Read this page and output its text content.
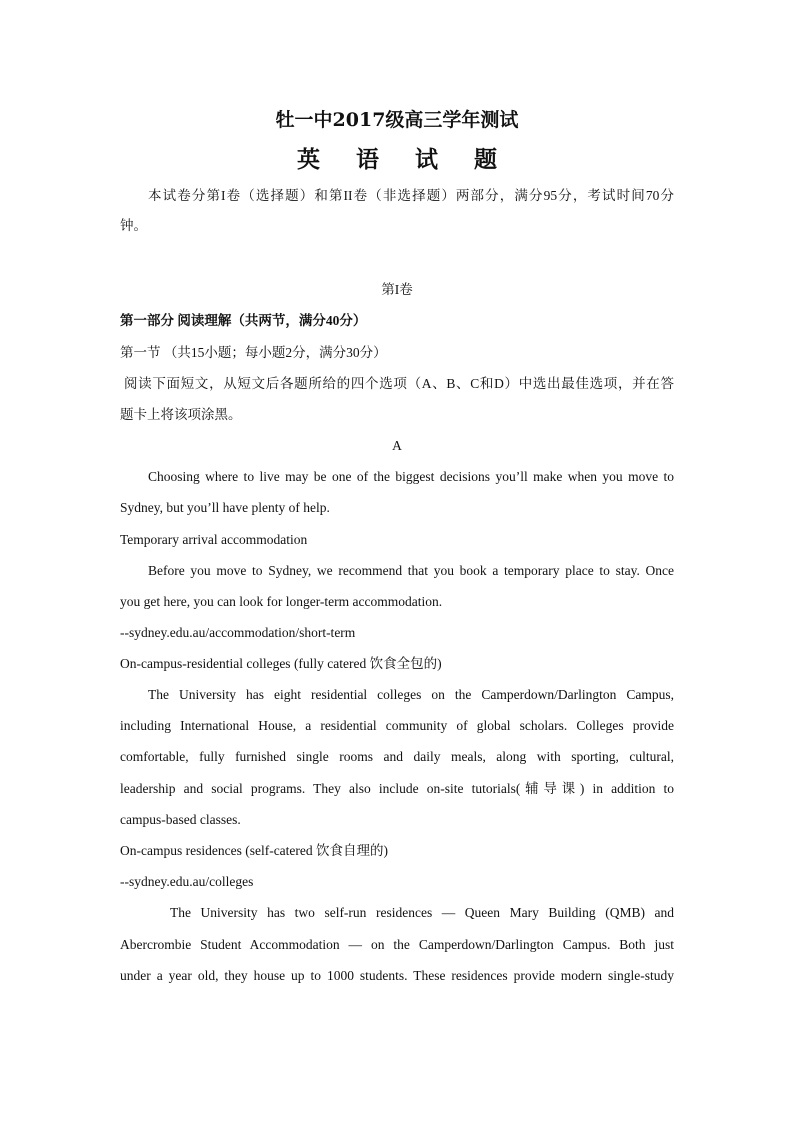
牡一中2017级高三学年测试
英 语 试 题
本试卷分第I卷（选择题）和第II卷（非选择题）两部分，满分95分，考试时间70分
钟。
第I卷
第一部分 阅读理解（共两节，满分40分）
第一节 （共15小题；每小题2分，满分30分）
阅读下面短文，从短文后各题所给的四个选项（A、B、C和D）中选出最佳选项，并在答
题卡上将该项涂黑。
A
Choosing where to live may be one of the biggest decisions you’ll make when you move to
Sydney, but you’ll have plenty of help.
Temporary arrival accommodation
Before you move to Sydney, we recommend that you book a temporary place to stay. Once
you get here, you can look for longer-term accommodation.
--sydney.edu.au/accommodation/short-term
On-campus-residential colleges (fully catered 饮食全包的)
The University has eight residential colleges on the Camperdown/Darlington Campus,
including International House, a residential community of global scholars. Colleges provide
comfortable, fully furnished single rooms and daily meals, along with sporting, cultural,
leadership and social programs. They also include on-site tutorials(辅导课) in addition to
campus-based classes.
On-campus residences (self-catered 饮食自理的)
--sydney.edu.au/colleges
The University has two self-run residences — Queen Mary Building (QMB) and
Abercrombie Student Accommodation — on the Camperdown/Darlington Campus. Both just
under a year old, they house up to 1000 students. These residences provide modern single-study
